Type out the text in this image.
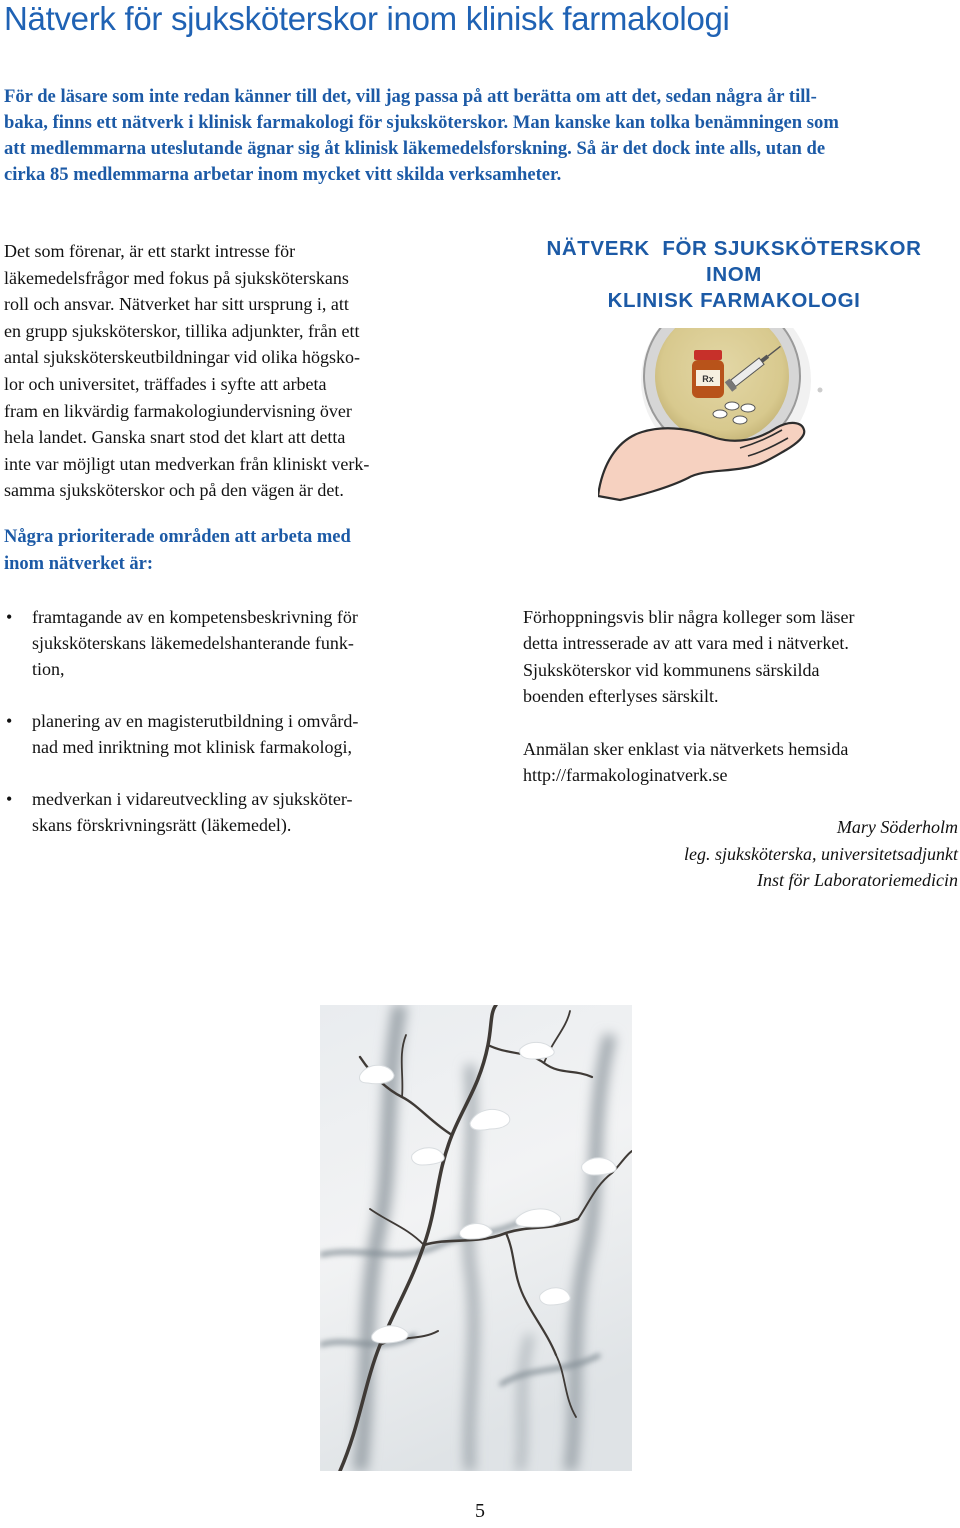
Nätverk för sjuksköterskor inom klinisk farmakologi
För de läsare som inte redan känner till det, vill jag passa på att berätta om att det, sedan några år till-
baka, finns ett nätverk i klinisk farmakologi för sjuksköterskor. Man kanske kan tolka benämningen som
att medlemmarna uteslutande ägnar sig åt klinisk läkemedelsforskning. Så är det dock inte alls, utan de
cirka 85 medlemmarna arbetar inom mycket vitt skilda verksamheter.
Det som förenar, är ett starkt intresse för
läkemedelsfrågor med fokus på sjuksköterskans
roll och ansvar. Nätverket har sitt ursprung i, att
en grupp sjuksköterskor, tillika adjunkter, från ett
antal sjuksköterskeutbildningar vid olika högsko-
lor och universitet, träffades i syfte att arbeta
fram en likvärdig farmakologiundervisning över
hela landet. Ganska snart stod det klart att detta
inte var möjligt utan medverkan från kliniskt verk-
samma sjuksköterskor och på den vägen är det.
NÄTVERK  FÖR SJUKSKÖTERSKOR
INOM
KLINISK FARMAKOLOGI
Rx
Några prioriterade områden att arbeta med
inom nätverket är:
• framtagande av en kompetensbeskrivning för
sjuksköterskans läkemedelshanterande funk-
tion,
• planering av en magisterutbildning i omvård-
nad med inriktning mot klinisk farmakologi,
• medverkan i vidareutveckling av sjuksköter-
skans förskrivningsrätt (läkemedel).

Förhoppningsvis blir några kolleger som läser
detta intresserade av att vara med i nätverket.
Sjuksköterskor vid kommunens särskilda
boenden efterlyses särskilt.

Anmälan sker enklast via nätverkets hemsida
http://farmakologinatverk.se

Mary Söderholm
leg. sjuksköterska, universitetsadjunkt
Inst för Laboratoriemedicin
5
